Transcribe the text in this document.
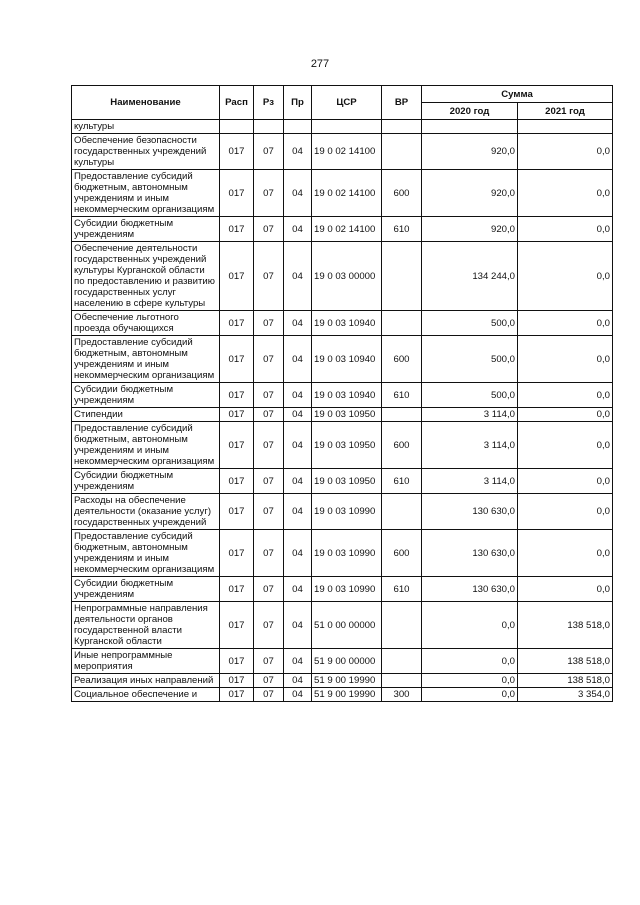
277
Наименование	Расп	Рз	Пр	ЦСР	ВР	Сумма	
						2020 год	2021 год
культуры							
Обеспечение безопасности государственных учреждений культуры	017	07	04	19 0 02 14100		920,0	0,0
Предоставление субсидий бюджетным, автономным учреждениям и иным некоммерческим организациям	017	07	04	19 0 02 14100	600	920,0	0,0
Субсидии бюджетным учреждениям	017	07	04	19 0 02 14100	610	920,0	0,0
Обеспечение деятельности государственных учреждений культуры Курганской области по предоставлению и развитию государственных услуг населению в сфере культуры	017	07	04	19 0 03 00000		134 244,0	0,0
Обеспечение льготного проезда обучающихся	017	07	04	19 0 03 10940		500,0	0,0
Предоставление субсидий бюджетным, автономным учреждениям и иным некоммерческим организациям	017	07	04	19 0 03 10940	600	500,0	0,0
Субсидии бюджетным учреждениям	017	07	04	19 0 03 10940	610	500,0	0,0
Стипендии	017	07	04	19 0 03 10950		3 114,0	0,0
Предоставление субсидий бюджетным, автономным учреждениям и иным некоммерческим организациям	017	07	04	19 0 03 10950	600	3 114,0	0,0
Субсидии бюджетным учреждениям	017	07	04	19 0 03 10950	610	3 114,0	0,0
Расходы на обеспечение деятельности (оказание услуг) государственных учреждений	017	07	04	19 0 03 10990		130 630,0	0,0
Предоставление субсидий бюджетным, автономным учреждениям и иным некоммерческим организациям	017	07	04	19 0 03 10990	600	130 630,0	0,0
Субсидии бюджетным учреждениям	017	07	04	19 0 03 10990	610	130 630,0	0,0
Непрограммные направления деятельности органов государственной власти Курганской области	017	07	04	51 0 00 00000		0,0	138 518,0
Иные непрограммные мероприятия	017	07	04	51 9 00 00000		0,0	138 518,0
Реализация иных направлений	017	07	04	51 9 00 19990		0,0	138 518,0
Социальное обеспечение и	017	07	04	51 9 00 19990	300	0,0	3 354,0
